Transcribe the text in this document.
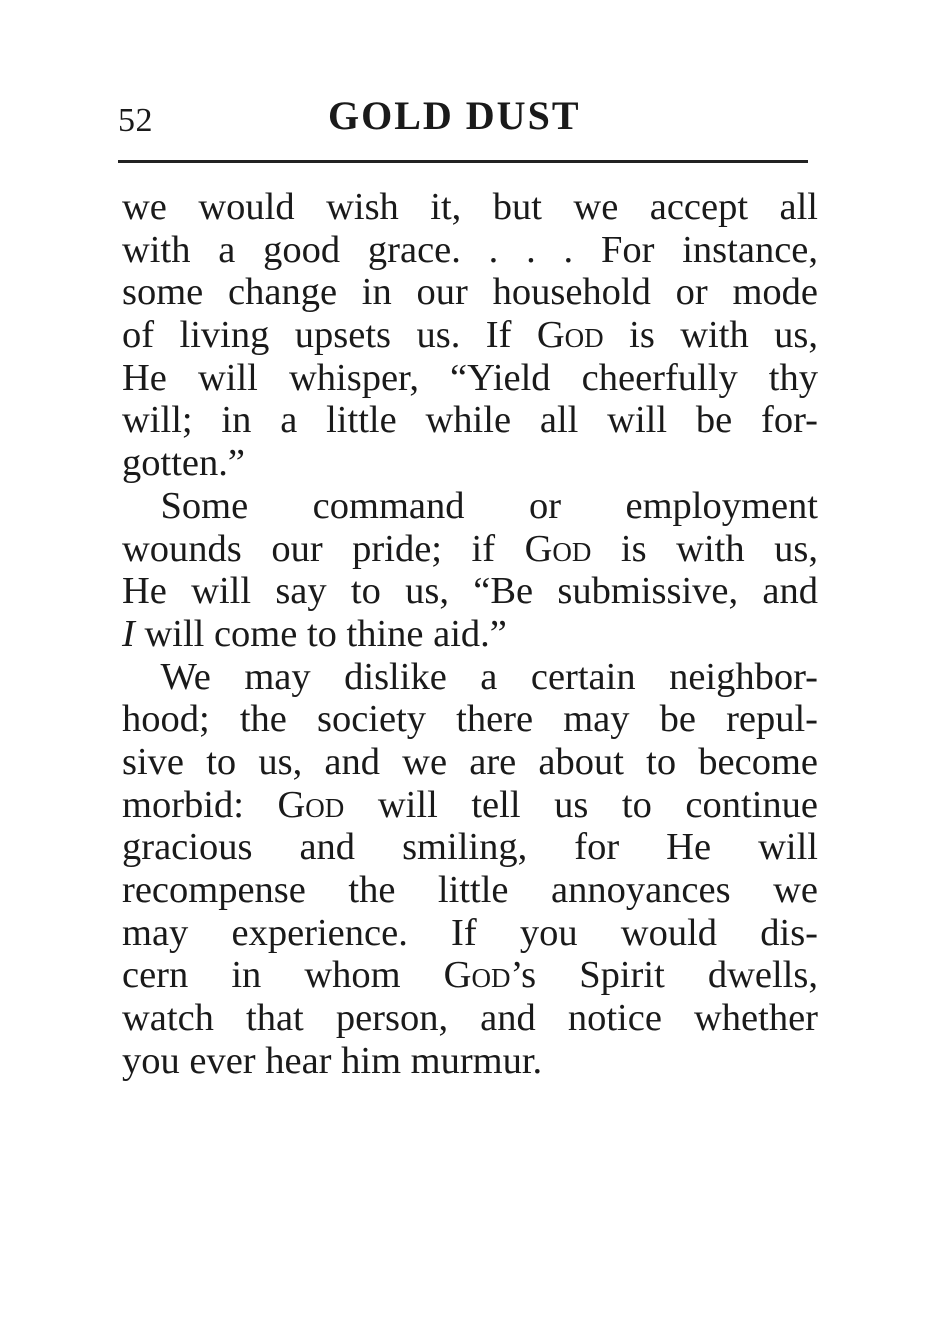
52	GOLD DUST
we would wish it, but we accept all
with a good grace. . . . For instance,
some change in our household or mode
of living upsets us. If God is with us,
He will whisper, “Yield cheerfully thy
will; in a little while all will be for-
gotten.”
 Some command or employment
wounds our pride; if God is with us,
He will say to us, “Be submissive, and
I will come to thine aid.”
 We may dislike a certain neighbor-
hood; the society there may be repul-
sive to us, and we are about to become
morbid: God will tell us to continue
gracious and smiling, for He will
recompense the little annoyances we
may experience. If you would dis-
cern in whom God’s Spirit dwells,
watch that person, and notice whether
you ever hear him murmur.
